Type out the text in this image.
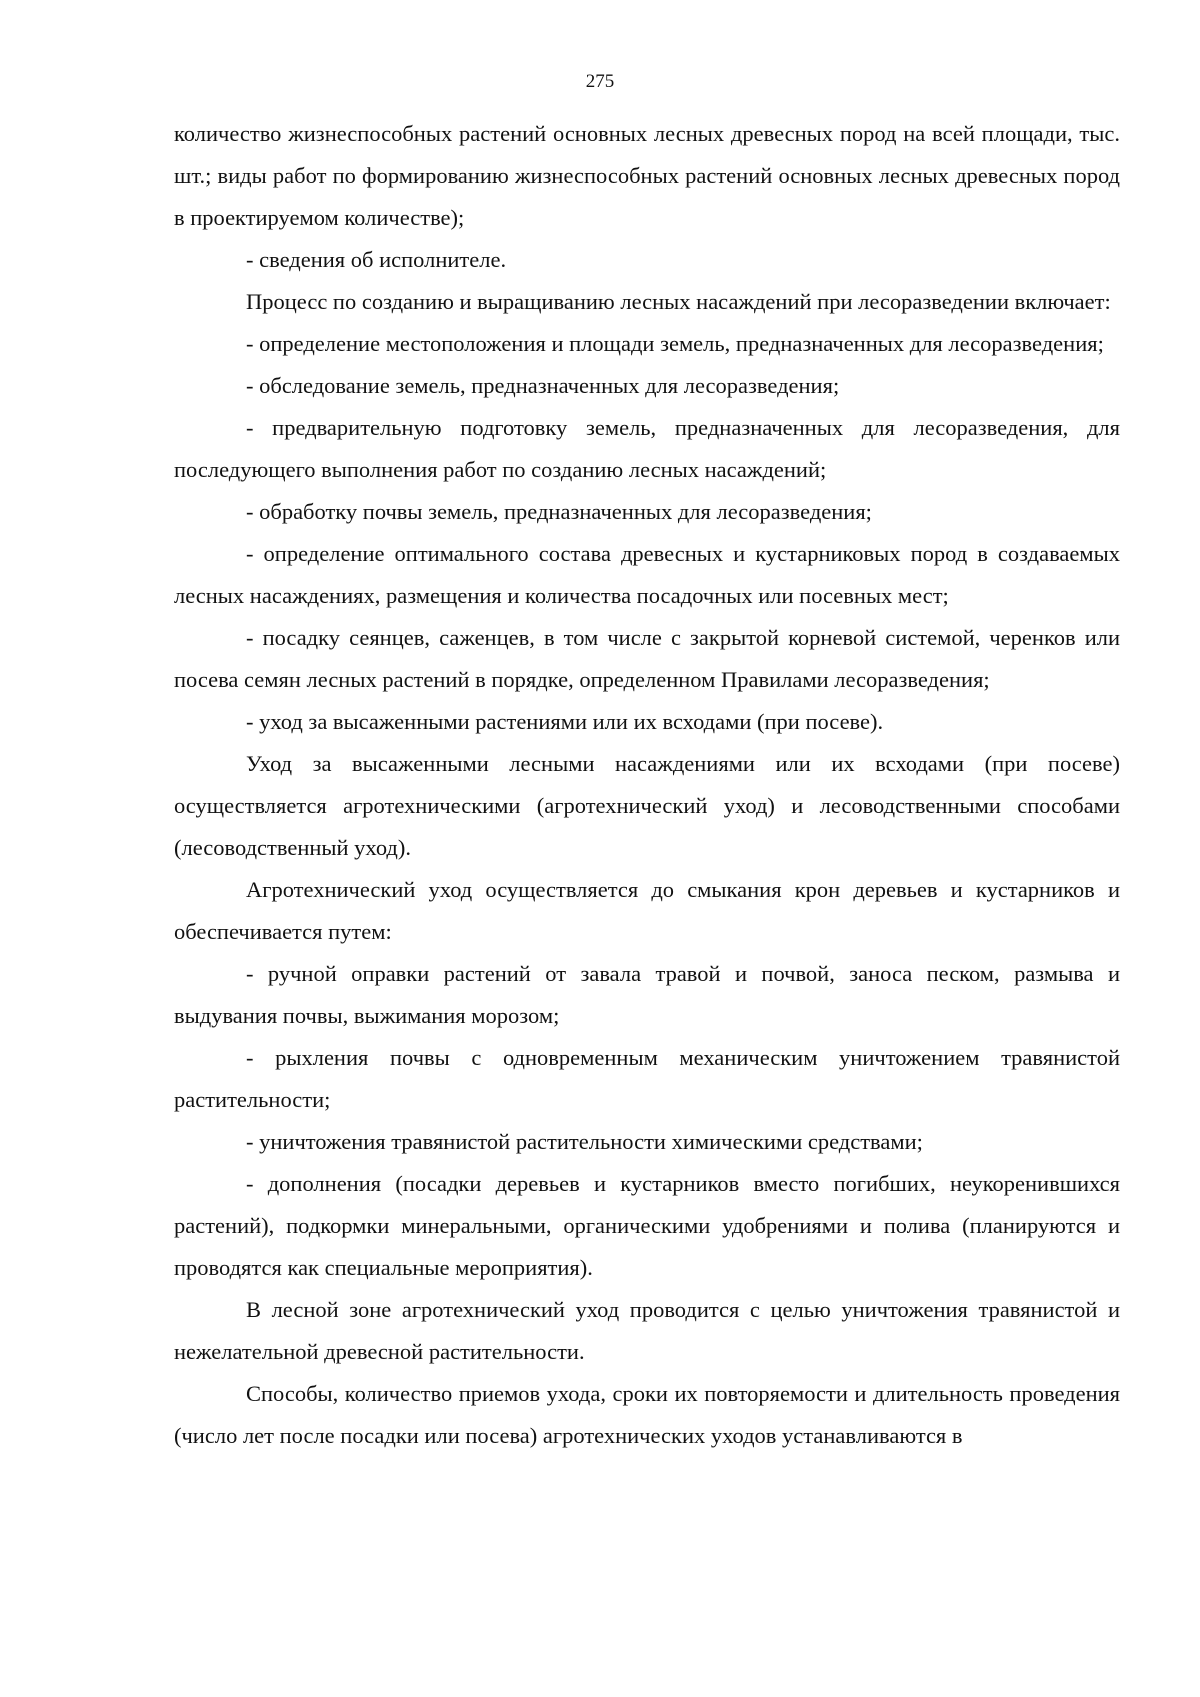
275

количество жизнеспособных растений основных лесных древесных пород на всей площади, тыс. шт.; виды работ по формированию жизнеспособных растений основных лесных древесных пород в проектируемом количестве);

- сведения об исполнителе.

Процесс по созданию и выращиванию лесных насаждений при лесоразведении включает:

- определение местоположения и площади земель, предназначенных для лесоразведения;

- обследование земель, предназначенных для лесоразведения;

- предварительную подготовку земель, предназначенных для лесоразведения, для последующего выполнения работ по созданию лесных насаждений;

- обработку почвы земель, предназначенных для лесоразведения;

- определение оптимального состава древесных и кустарниковых пород в создаваемых лесных насаждениях, размещения и количества посадочных или посевных мест;

- посадку сеянцев, саженцев, в том числе с закрытой корневой системой, черенков или посева семян лесных растений в порядке, определенном Правилами лесоразведения;

- уход за высаженными растениями или их всходами (при посеве).

Уход за высаженными лесными насаждениями или их всходами (при посеве) осуществляется агротехническими (агротехнический уход) и лесоводственными способами (лесоводственный уход).

Агротехнический уход осуществляется до смыкания крон деревьев и кустарников и обеспечивается путем:

- ручной оправки растений от завала травой и почвой, заноса песком, размыва и выдувания почвы, выжимания морозом;

- рыхления почвы с одновременным механическим уничтожением травянистой растительности;

- уничтожения травянистой растительности химическими средствами;

- дополнения (посадки деревьев и кустарников вместо погибших, неукоренившихся растений), подкормки минеральными, органическими удобрениями и полива (планируются и проводятся как специальные мероприятия).

В лесной зоне агротехнический уход проводится с целью уничтожения травянистой и нежелательной древесной растительности.

Способы, количество приемов ухода, сроки их повторяемости и длительность проведения (число лет после посадки или посева) агротехнических уходов устанавливаются в
